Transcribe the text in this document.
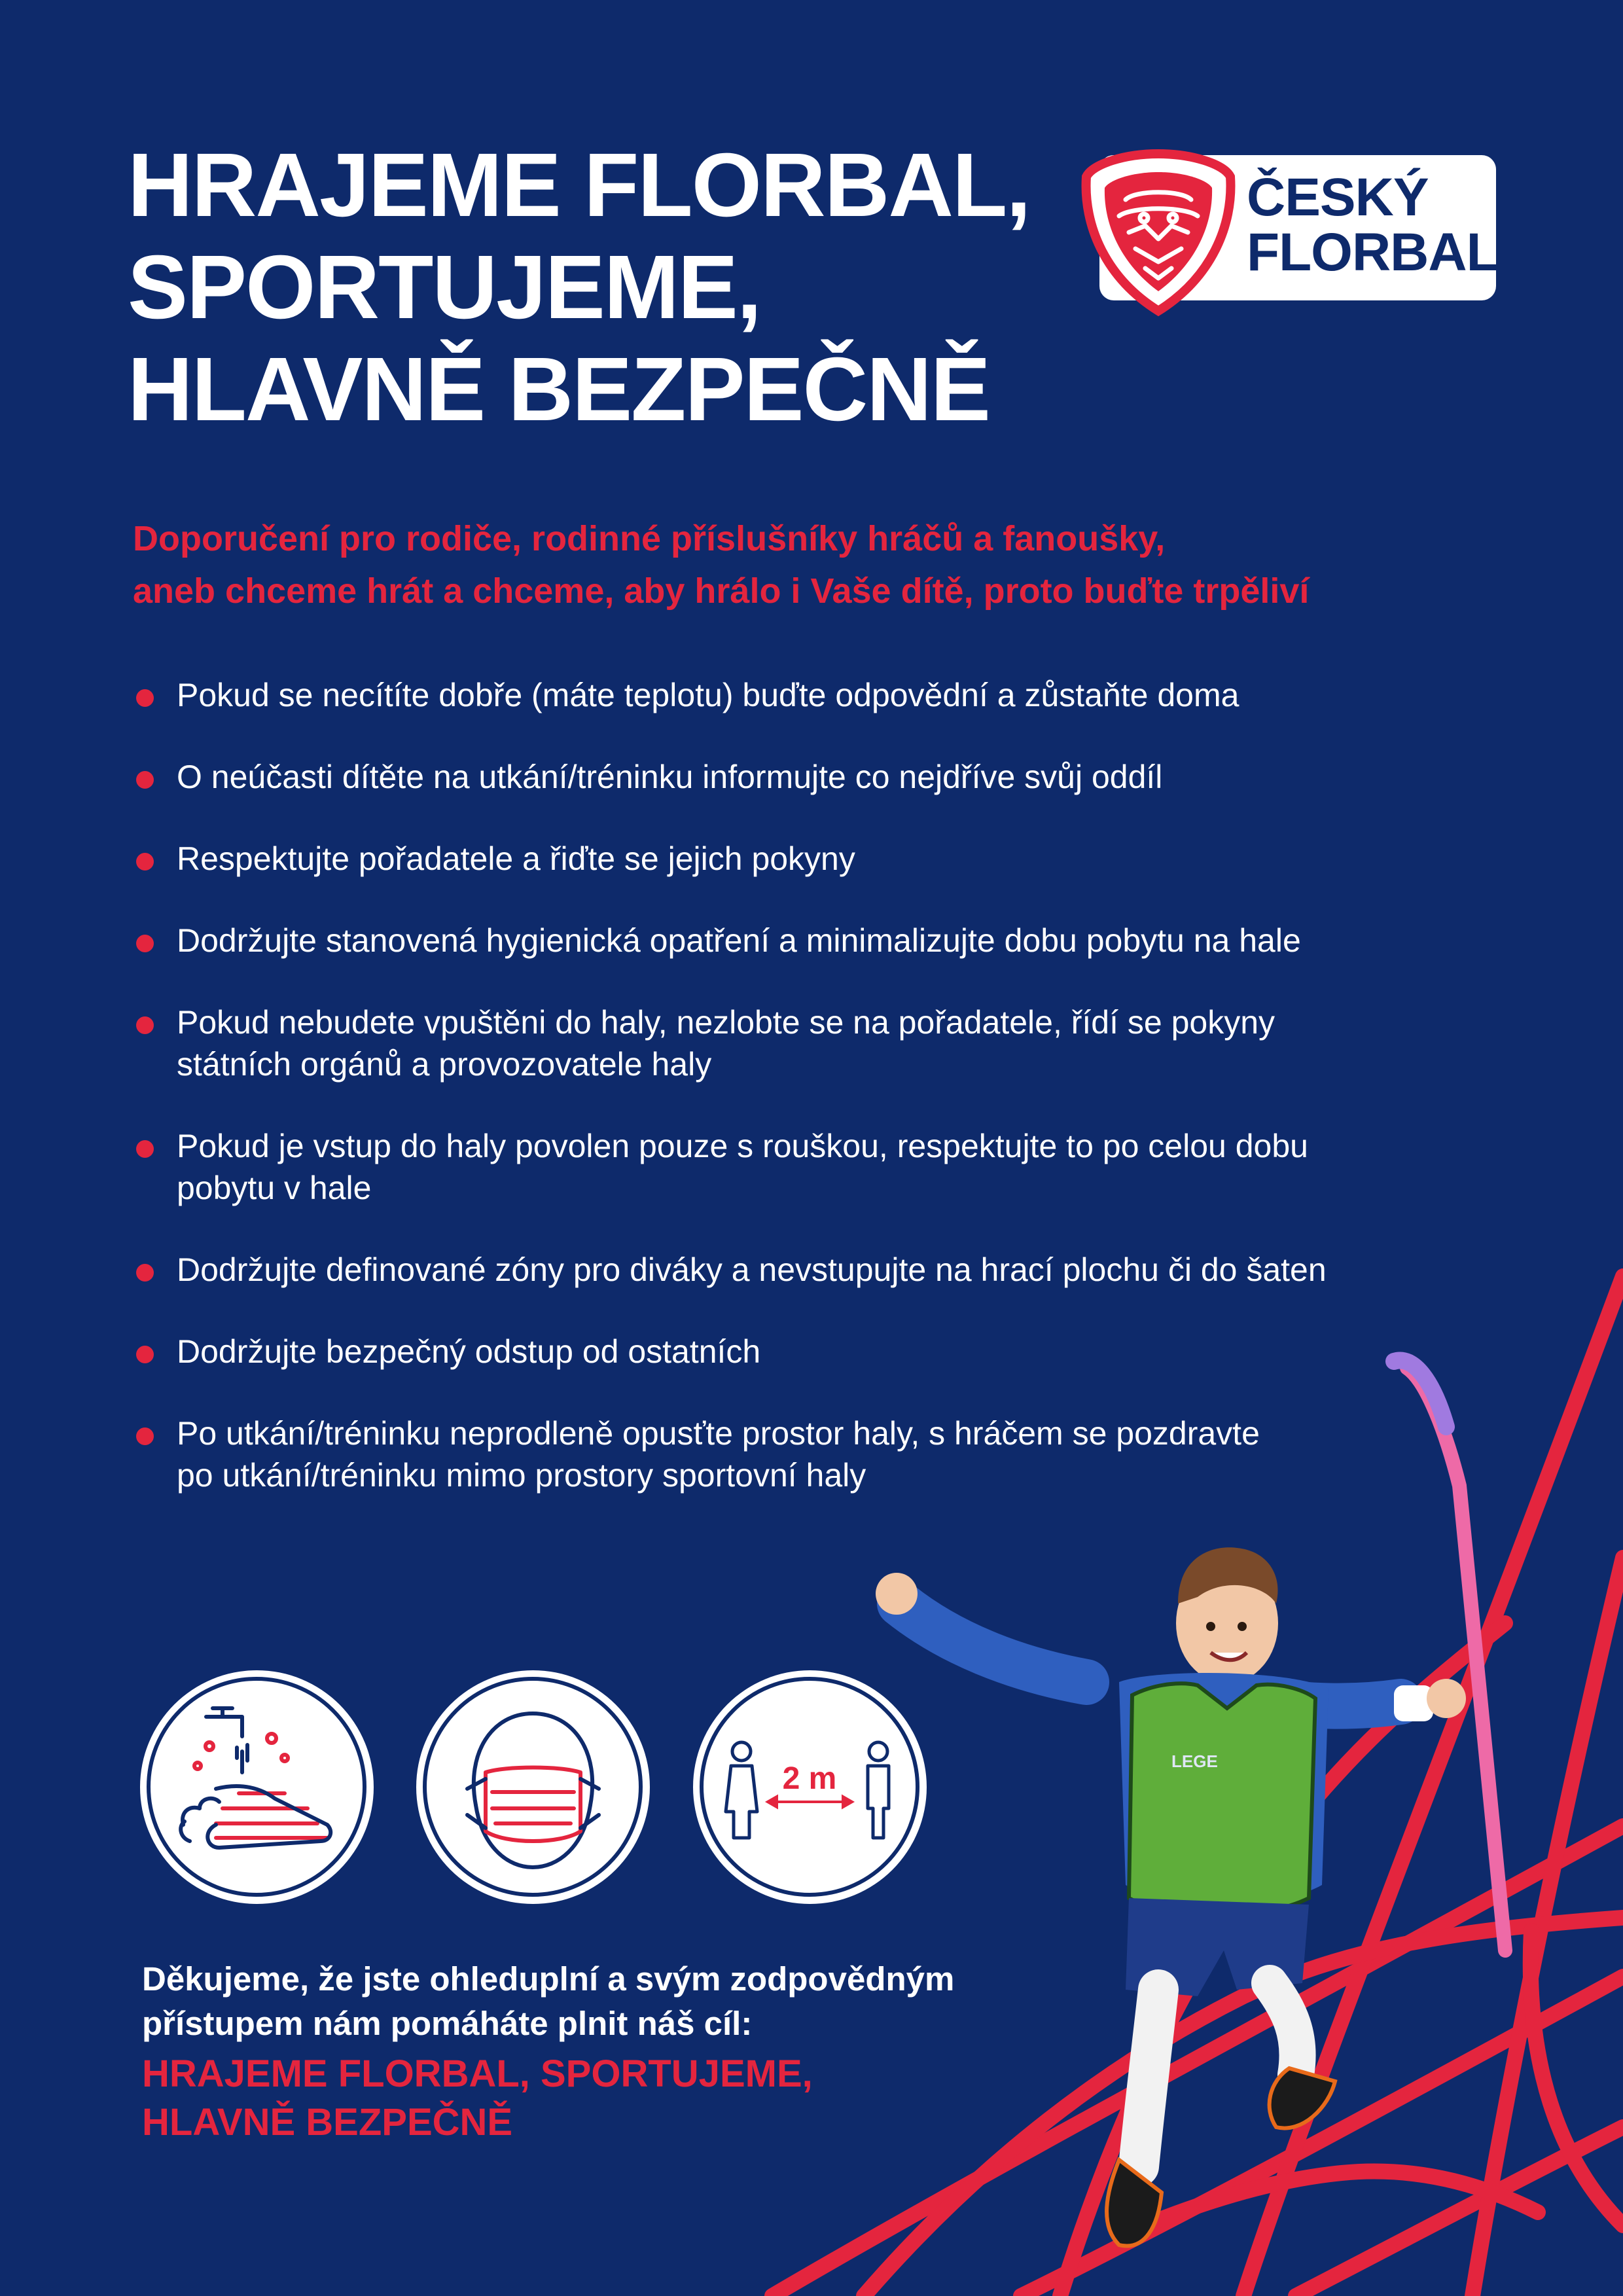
HRAJEME FLORBAL,
SPORTUJEME,
HLAVNĚ BEZPEČNĚ
ČESKÝ
FLORBAL

Doporučení pro rodiče, rodinné příslušníky hráčů a fanoušky,
aneb chceme hrát a chceme, aby hrálo i Vaše dítě, proto buďte trpěliví

Pokud se necítíte dobře (máte teplotu) buďte odpovědní a zůstaňte doma
O neúčasti dítěte na utkání/tréninku informujte co nejdříve svůj oddíl
Respektujte pořadatele a řiďte se jejich pokyny
Dodržujte stanovená hygienická opatření a minimalizujte dobu pobytu na hale
Pokud nebudete vpuštěni do haly, nezlobte se na pořadatele, řídí se pokyny
státních orgánů a provozovatele haly
Pokud je vstup do haly povolen pouze s rouškou, respektujte to po celou dobu
pobytu v hale
Dodržujte definované zóny pro diváky a nevstupujte na hrací plochu či do šaten
Dodržujte bezpečný odstup od ostatních
Po utkání/tréninku neprodleně opusťte prostor haly, s hráčem se pozdravte
po utkání/tréninku mimo prostory sportovní haly
2 m	LEGE

Děkujeme, že jste ohleduplní a svým zodpovědným
přístupem nám pomáháte plnit náš cíl:

HRAJEME FLORBAL, SPORTUJEME,
HLAVNĚ BEZPEČNĚ
